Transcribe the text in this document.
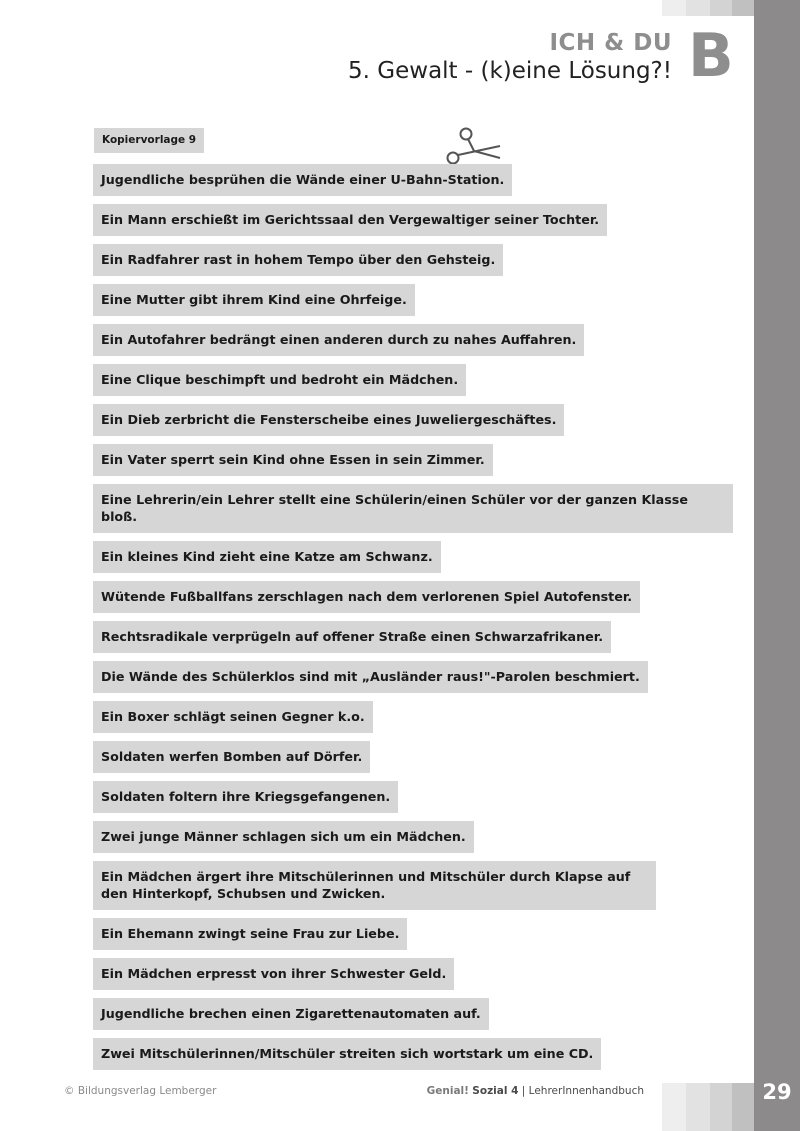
ICH & DU
5. Gewalt - (k)eine Lösung?! B
Kopiervorlage 9
Jugendliche besprühen die Wände einer U-Bahn-Station.
Ein Mann erschießt im Gerichtssaal den Vergewaltiger seiner Tochter.
Ein Radfahrer rast in hohem Tempo über den Gehsteig.
Eine Mutter gibt ihrem Kind eine Ohrfeige.
Ein Autofahrer bedrängt einen anderen durch zu nahes Auffahren.
Eine Clique beschimpft und bedroht ein Mädchen.
Ein Dieb zerbricht die Fensterscheibe eines Juweliergeschäftes.
Ein Vater sperrt sein Kind ohne Essen in sein Zimmer.
Eine Lehrerin/ein Lehrer stellt eine Schülerin/einen Schüler vor der ganzen Klasse bloß.
Ein kleines Kind zieht eine Katze am Schwanz.
Wütende Fußballfans zerschlagen nach dem verlorenen Spiel Autofenster.
Rechtsradikale verprügeln auf offener Straße einen Schwarzafrikaner.
Die Wände des Schülerklos sind mit „Ausländer raus!"-Parolen beschmiert.
Ein Boxer schlägt seinen Gegner k.o.
Soldaten werfen Bomben auf Dörfer.
Soldaten foltern ihre Kriegsgefangenen.
Zwei junge Männer schlagen sich um ein Mädchen.
Ein Mädchen ärgert ihre Mitschülerinnen und Mitschüler durch Klapse auf den Hinterkopf, Schubsen und Zwicken.
Ein Ehemann zwingt seine Frau zur Liebe.
Ein Mädchen erpresst von ihrer Schwester Geld.
Jugendliche brechen einen Zigarettenautomaten auf.
Zwei Mitschülerinnen/Mitschüler streiten sich wortstark um eine CD.
© Bildungsverlag Lemberger	Genial! Sozial 4 | LehrerInnenhandbuch	29
